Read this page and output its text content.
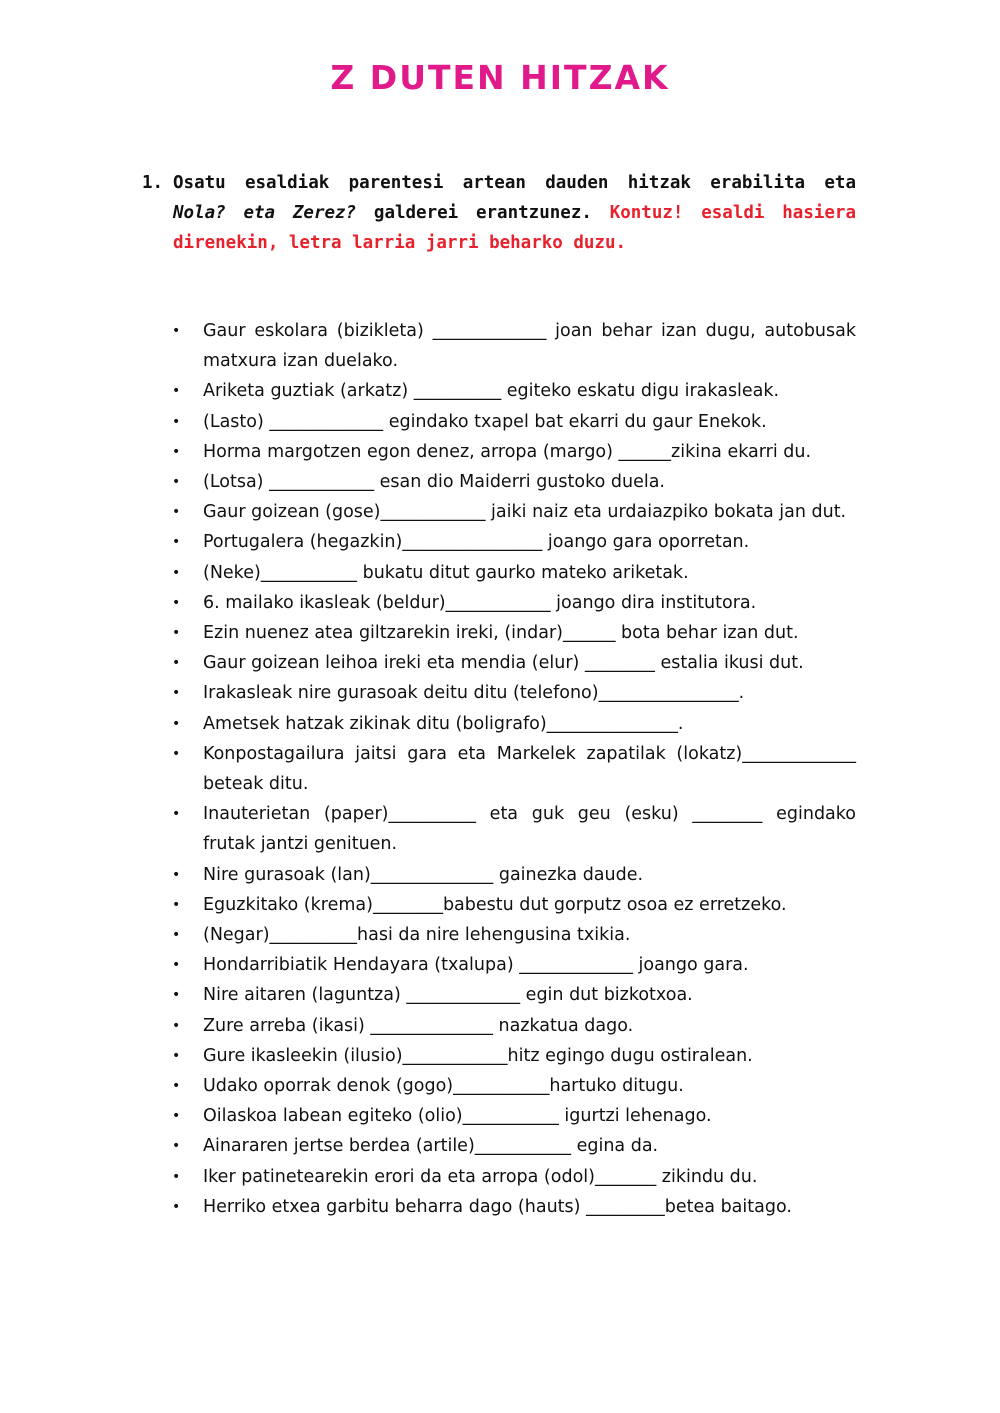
Z DUTEN HITZAK
1. Osatu esaldiak parentesi artean dauden hitzak erabilita eta Nola? eta Zerez? galderei erantzunez. Kontuz! esaldi hasiera direnekin, letra larria jarri beharko duzu.
• Gaur eskolara (bizikleta) _____________ joan behar izan dugu, autobusak matxura izan duelako.
• Ariketa guztiak (arkatz) __________ egiteko eskatu digu irakasleak.
• (Lasto) _____________ egindako txapel bat ekarri du gaur Enekok.
• Horma margotzen egon denez, arropa (margo) ______zikina ekarri du.
• (Lotsa) ____________ esan dio Maiderri gustoko duela.
• Gaur goizean (gose)____________ jaiki naiz eta urdaiazpiko bokata jan dut.
• Portugalera (hegazkin)________________ joango gara oporretan.
• (Neke)___________ bukatu ditut gaurko mateko ariketak.
• 6. mailako ikasleak (beldur)____________ joango dira institutora.
• Ezin nuenez atea giltzarekin ireki, (indar)______ bota behar izan dut.
• Gaur goizean leihoa ireki eta mendia (elur) ________ estalia ikusi dut.
• Irakasleak nire gurasoak deitu ditu (telefono)________________.
• Ametsek hatzak zikinak ditu (boligrafo)_______________.
• Konpostagailura jaitsi gara eta Markelek zapatilak (lokatz)_____________ beteak ditu.
• Inauterietan (paper)__________ eta guk geu (esku) ________ egindako frutak jantzi genituen.
• Nire gurasoak (lan)______________ gainezka daude.
• Eguzkitako (krema)________babestu dut gorputz osoa ez erretzeko.
• (Negar)__________hasi da nire lehengusina txikia.
• Hondarribiatik Hendayara (txalupa) _____________ joango gara.
• Nire aitaren (laguntza) _____________ egin dut bizkotxoa.
• Zure arreba (ikasi) ______________ nazkatua dago.
• Gure ikasleekin (ilusio)____________hitz egingo dugu ostiralean.
• Udako oporrak denok (gogo)___________hartuko ditugu.
• Oilaskoa labean egiteko (olio)___________ igurtzi lehenago.
• Ainararen jertse berdea (artile)___________ egina da.
• Iker patinetearekin erori da eta arropa (odol)_______ zikindu du.
• Herriko etxea garbitu beharra dago (hauts) _________betea baitago.
